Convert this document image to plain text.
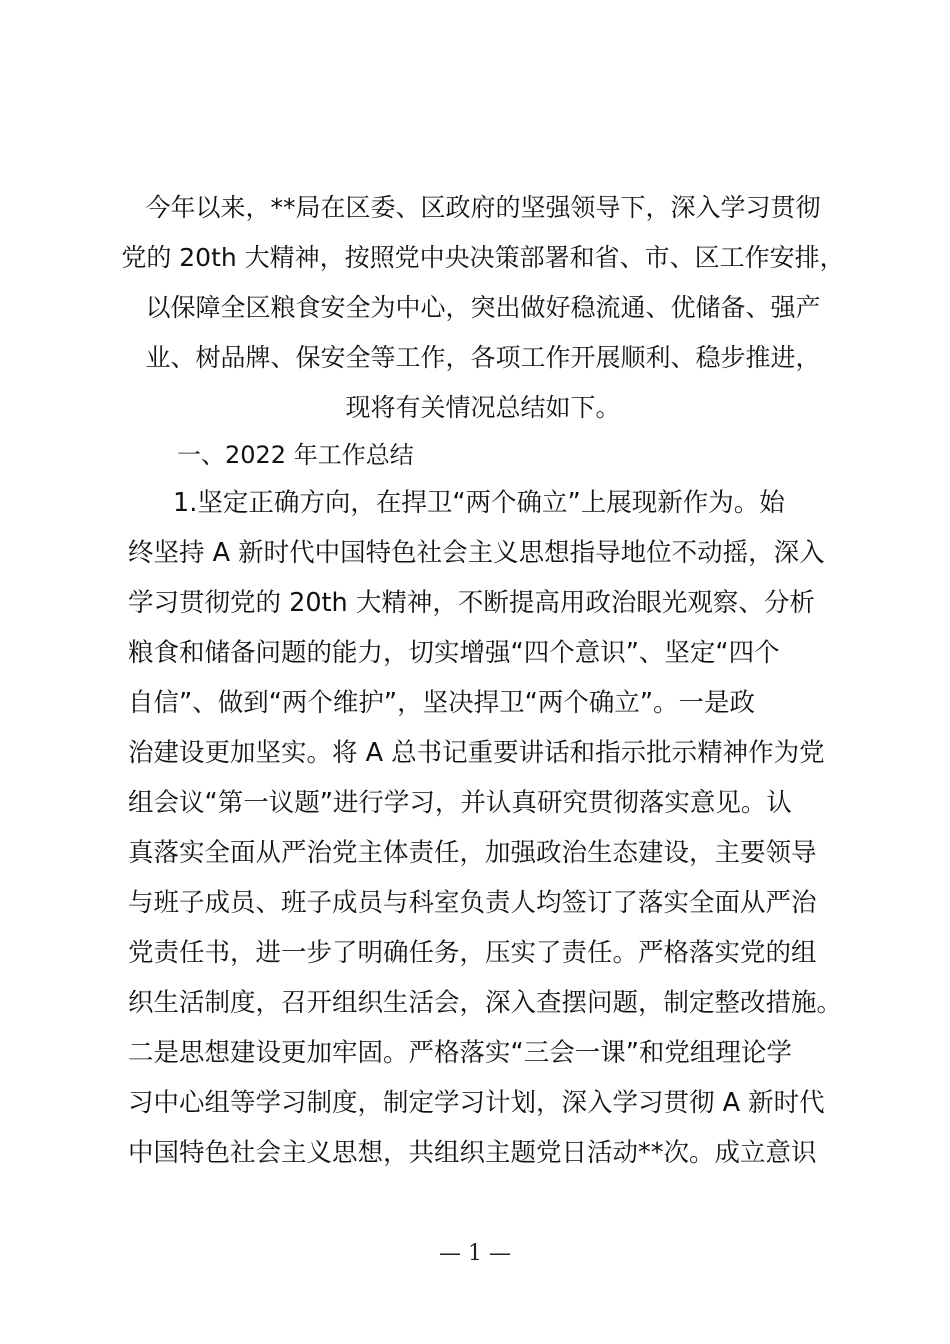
今年以来，**局在区委、区政府的坚强领导下，深入学习贯彻
党的 20th 大精神，按照党中央决策部署和省、市、区工作安排，
以保障全区粮食安全为中心，突出做好稳流通、优储备、强产
业、树品牌、保安全等工作，各项工作开展顺利、稳步推进，
现将有关情况总结如下。
一、2022 年工作总结
1.坚定正确方向，在捍卫“两个确立”上展现新作为。始
终坚持 A 新时代中国特色社会主义思想指导地位不动摇，深入
学习贯彻党的 20th 大精神，不断提高用政治眼光观察、分析
粮食和储备问题的能力，切实增强“四个意识”、坚定“四个
自信”、做到“两个维护”，坚决捍卫“两个确立”。一是政
治建设更加坚实。将 A 总书记重要讲话和指示批示精神作为党
组会议“第一议题”进行学习，并认真研究贯彻落实意见。认
真落实全面从严治党主体责任，加强政治生态建设，主要领导
与班子成员、班子成员与科室负责人均签订了落实全面从严治
党责任书，进一步了明确任务，压实了责任。严格落实党的组
织生活制度，召开组织生活会，深入查摆问题，制定整改措施。
二是思想建设更加牢固。严格落实“三会一课”和党组理论学
习中心组等学习制度，制定学习计划，深入学习贯彻 A 新时代
中国特色社会主义思想，共组织主题党日活动**次。成立意识
— 1 —
